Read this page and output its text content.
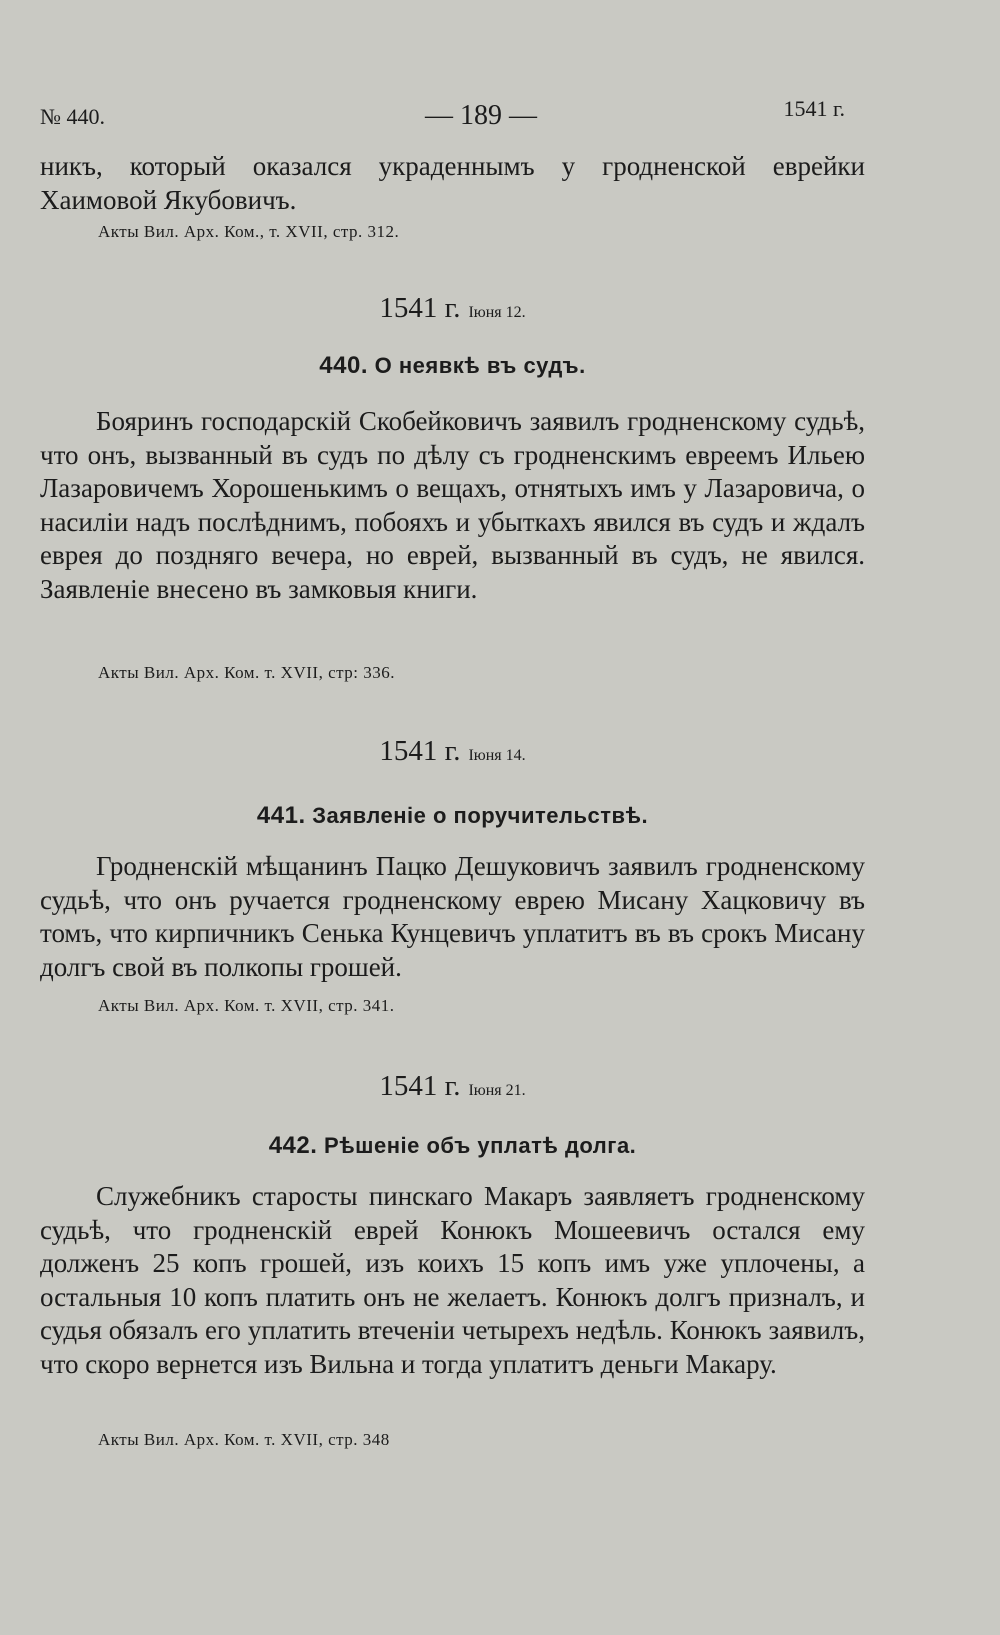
№ 440.	— 189 —	1541 г.

никъ, который оказался украденнымъ у гродненской еврейки Хаимовой Якубовичъ.

Акты Вил. Арх. Ком., т. XVII, стр. 312.
1541 г. Іюня 12.
440. О неявкѣ въ судъ.

Бояринъ господарскій Скобейковичъ заявилъ гродненскому судьѣ, что онъ, вызванный въ судъ по дѣлу съ гродненскимъ евреемъ Ильею Лазаровичемъ Хорошенькимъ о вещахъ, отнятыхъ имъ у Лазаровича, о насиліи надъ послѣднимъ, побояхъ и убыткахъ явился въ судъ и ждалъ еврея до поздняго вечера, но еврей, вызванный въ судъ, не явился. Заявленіе внесено въ замковыя книги.

Акты Вил. Арх. Ком. т. XVII, стр: 336.
1541 г. Іюня 14.
441. Заявленіе о поручительствѣ.

Гродненскій мѣщанинъ Пацко Дешуковичъ заявилъ гродненскому судьѣ, что онъ ручается гродненскому еврею Мисану Хацковичу въ томъ, что кирпичникъ Сенька Кунцевичъ уплатитъ въ въ срокъ Мисану долгъ свой въ полкопы грошей.

Акты Вил. Арх. Ком. т. XVII, стр. 341.
1541 г. Іюня 21.
442. Рѣшеніе объ уплатѣ долга.

Служебникъ старосты пинскаго Макаръ заявляетъ гродненскому судьѣ, что гродненскій еврей Конюкъ Мошеевичъ остался ему долженъ 25 копъ грошей, изъ коихъ 15 копъ имъ уже уплочены, а остальныя 10 копъ платить онъ не желаетъ. Конюкъ долгъ призналъ, и судья обязалъ его уплатить втеченіи четырехъ недѣль. Конюкъ заявилъ, что скоро вернется изъ Вильна и тогда уплатитъ деньги Макару.

Акты Вил. Арх. Ком. т. XVII, стр. 348
